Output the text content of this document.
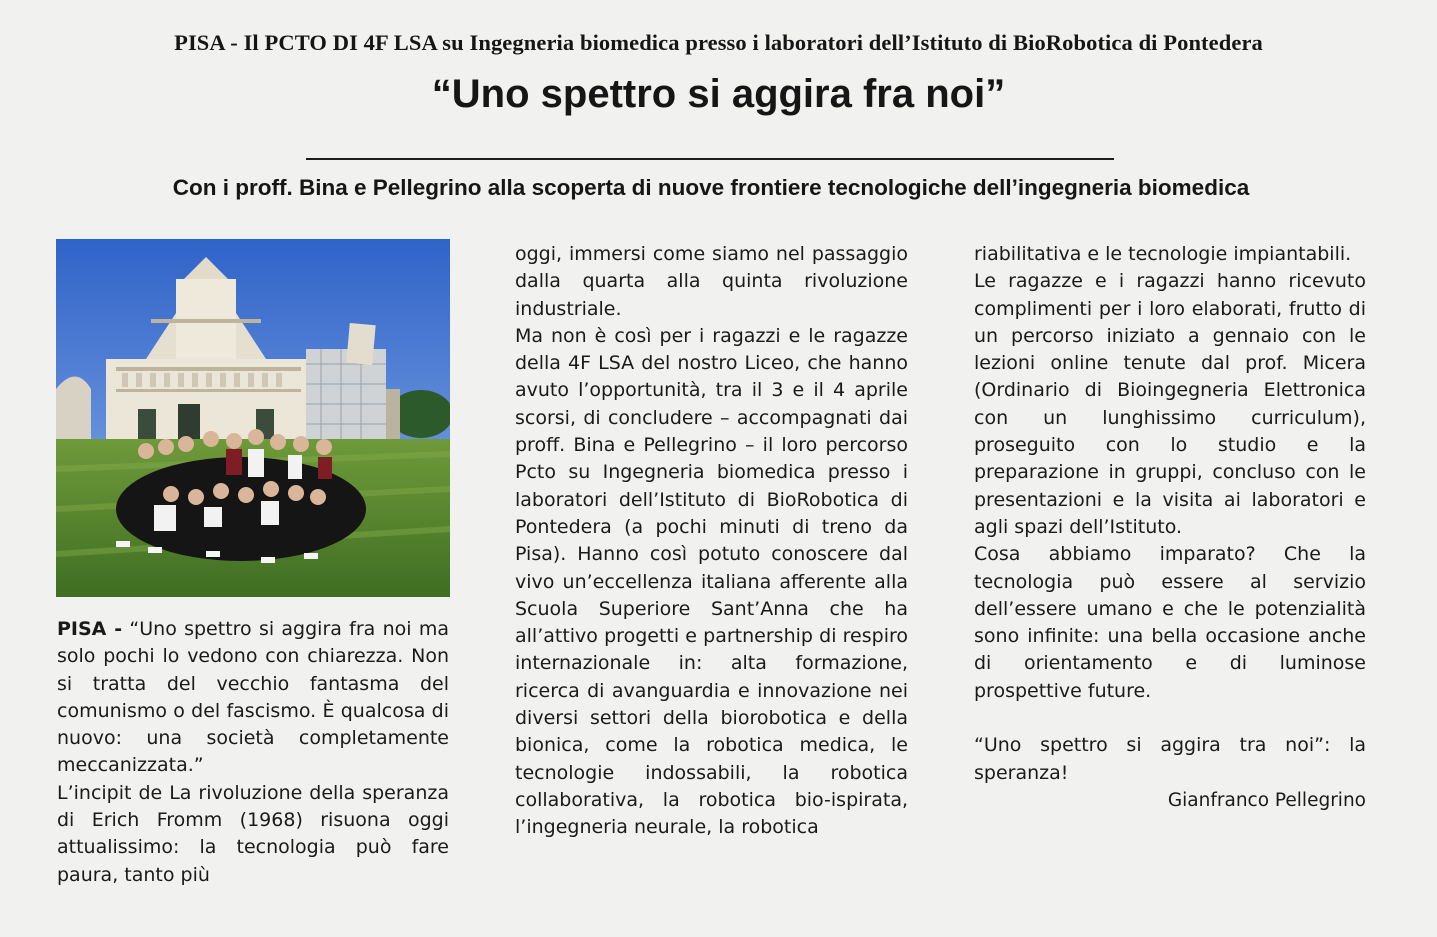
PISA - Il PCTO DI 4F LSA su Ingegneria biomedica presso i laboratori dell’Istituto di BioRobotica di Pontedera
“Uno spettro si aggira fra noi”
Con i proff. Bina e Pellegrino alla scoperta di nuove frontiere tecnologiche dell’ingegneria biomedica

PISA - “Uno spettro si aggira fra noi ma solo pochi lo vedono con chiarezza. Non si tratta del vecchio fantasma del comunismo o del fascismo. È qualcosa di nuovo: una società completamente meccanizzata.”

L’incipit de La rivoluzione della speranza di Erich Fromm (1968) risuona oggi attualissimo: la tecnologia può fare paura, tanto più

oggi, immersi come siamo nel passaggio dalla quarta alla quinta rivoluzione industriale.

Ma non è così per i ragazzi e le ragazze della 4F LSA del nostro Liceo, che hanno avuto l’opportunità, tra il 3 e il 4 aprile scorsi, di concludere – accompagnati dai proff. Bina e Pellegrino – il loro percorso Pcto su Ingegneria biomedica presso i laboratori dell’Istituto di BioRobotica di Pontedera (a pochi minuti di treno da Pisa). Hanno così potuto conoscere dal vivo un’eccellenza italiana afferente alla Scuola Superiore Sant’Anna che ha all’attivo progetti e partnership di respiro internazionale in: alta formazione, ricerca di avanguardia e innovazione nei diversi settori della biorobotica e della bionica, come la robotica medica, le tecnologie indossabili, la robotica collaborativa, la robotica bio-ispirata, l’ingegneria neurale, la robotica

riabilitativa e le tecnologie impiantabili.

Le ragazze e i ragazzi hanno ricevuto complimenti per i loro elaborati, frutto di un percorso iniziato a gennaio con le lezioni online tenute dal prof. Micera (Ordinario di Bioingegneria Elettronica con un lunghissimo curriculum), proseguito con lo studio e la preparazione in gruppi, concluso con le presentazioni e la visita ai laboratori e agli spazi dell’Istituto.

Cosa abbiamo imparato? Che la tecnologia può essere al servizio dell’essere umano e che le potenzialità sono infinite: una bella occasione anche di orientamento e di luminose prospettive future.

“Uno spettro si aggira tra noi”: la speranza!

Gianfranco Pellegrino
